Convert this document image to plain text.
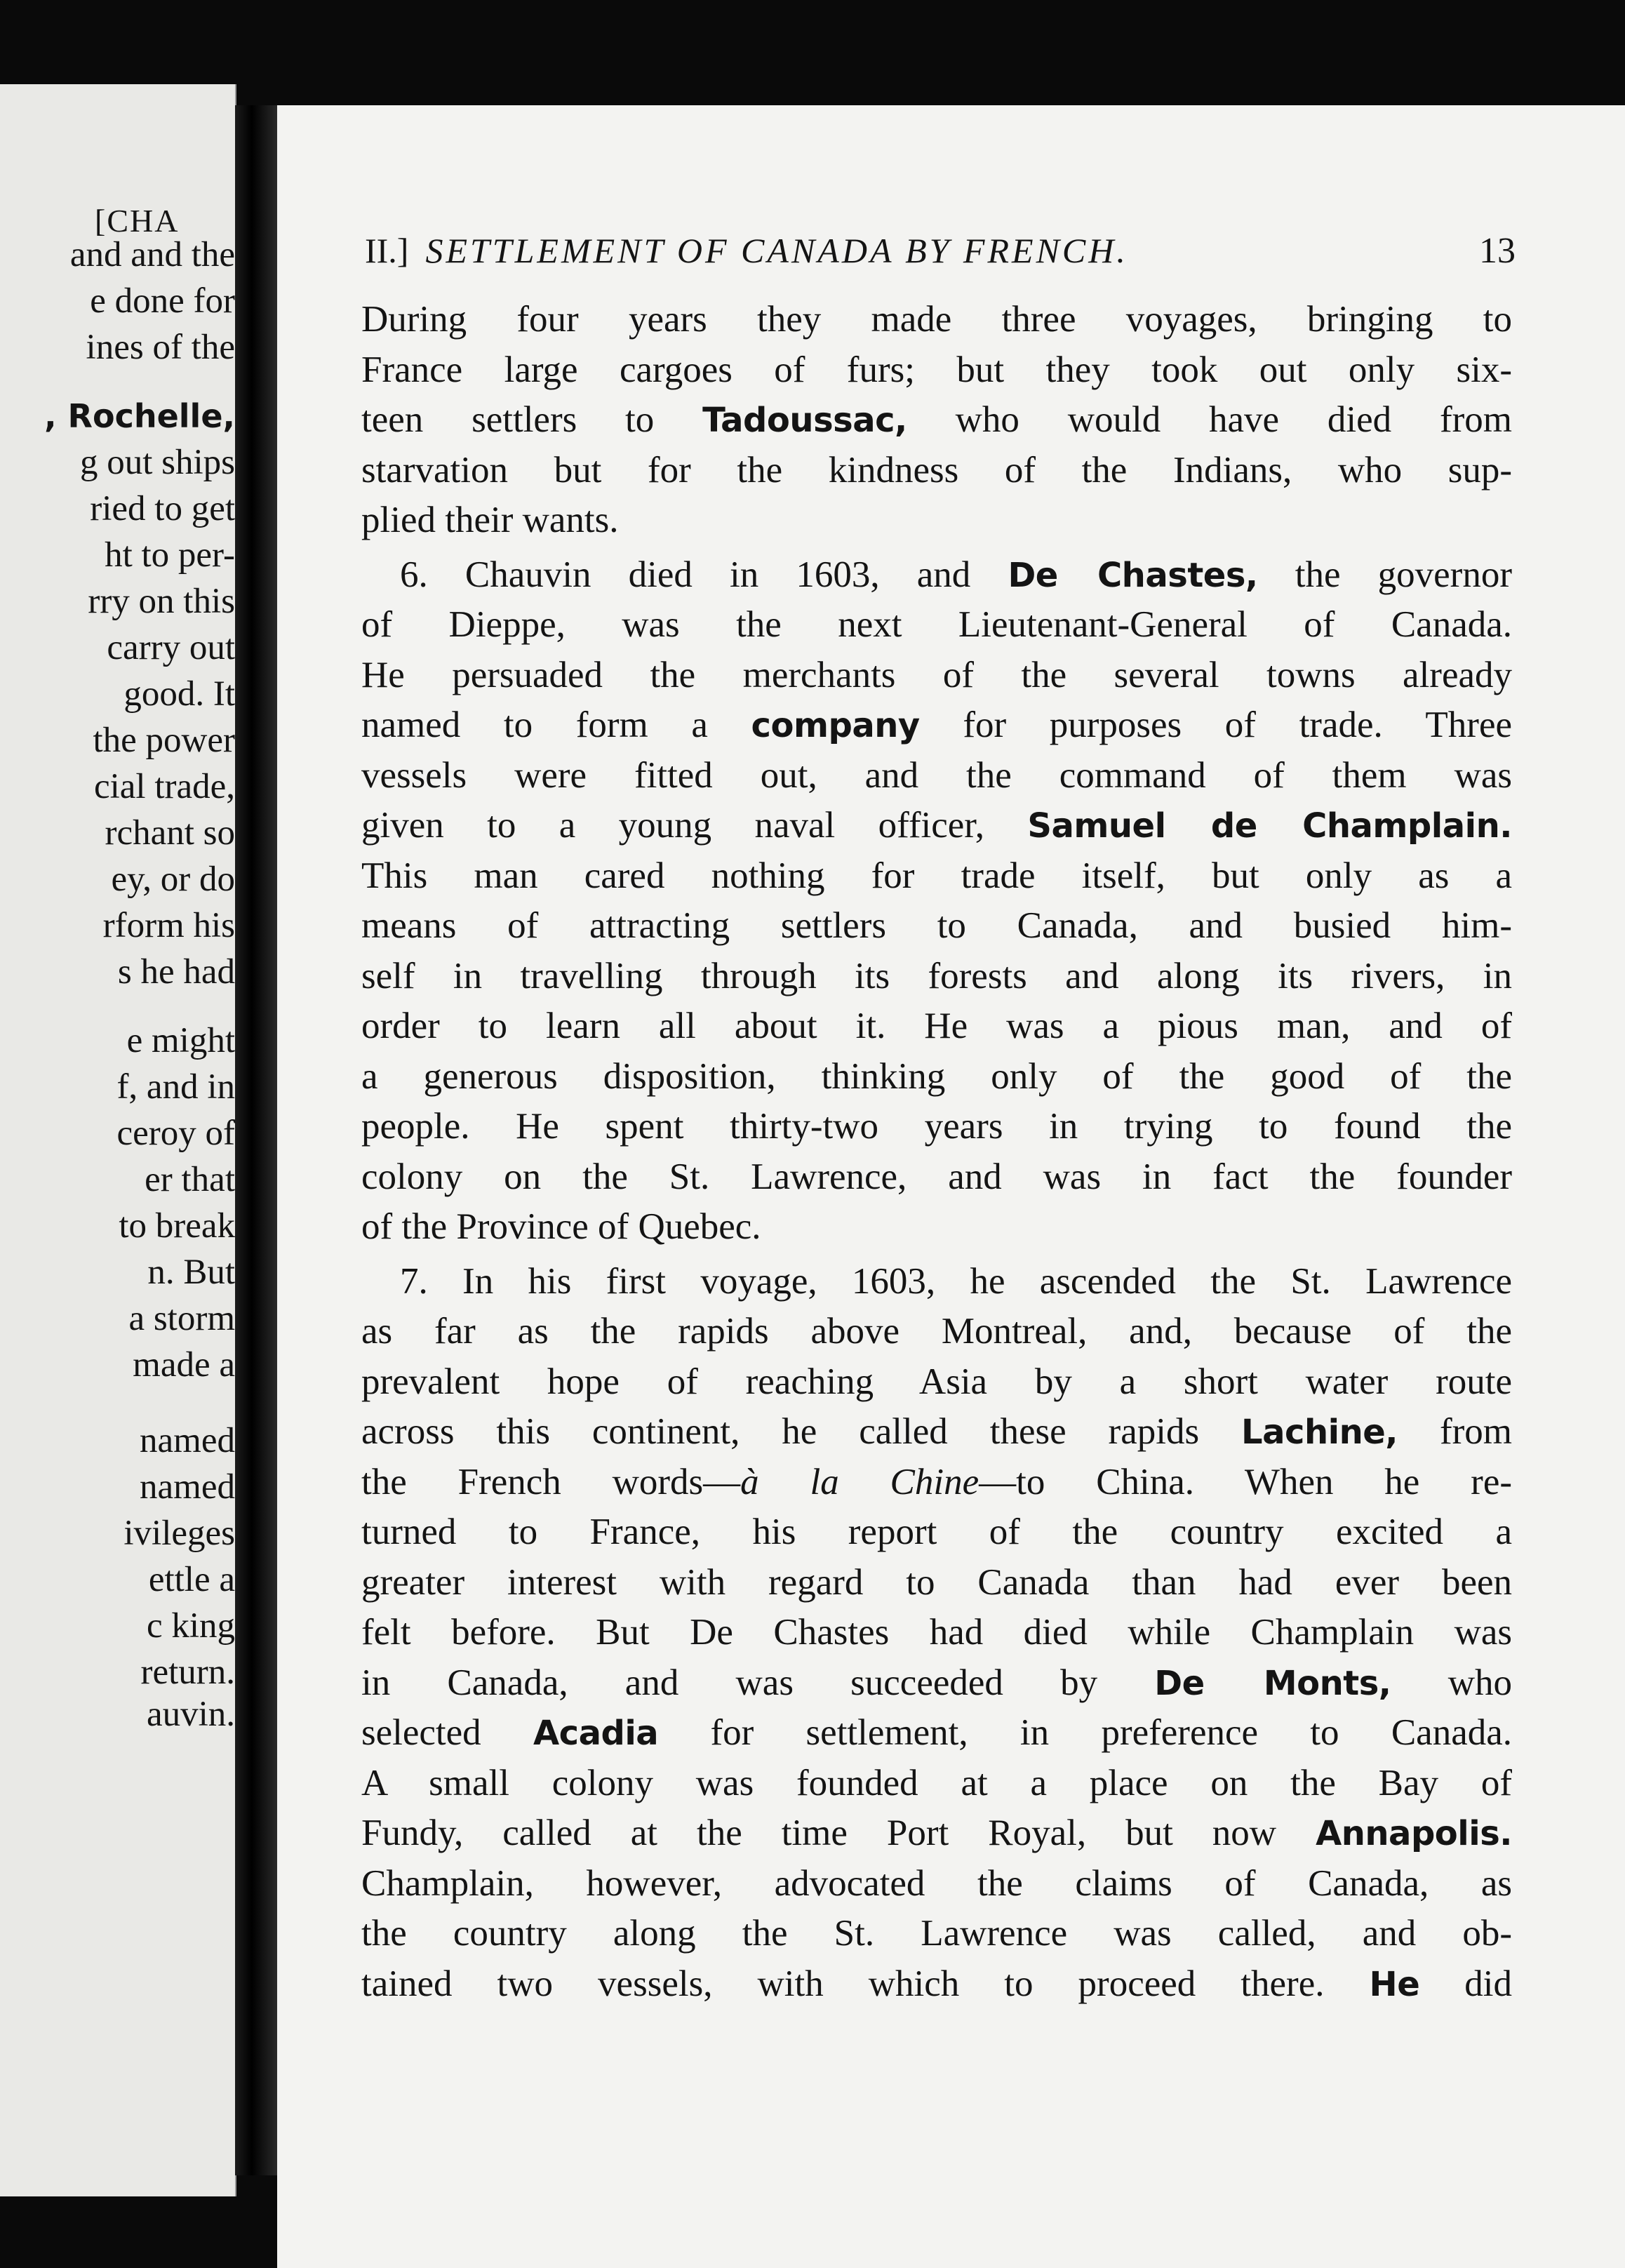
[CHA
and and the
e done for
ines of the
, Rochelle,
g out ships
ried to get
ht to per-
rry on this
carry out
good. It
the power
cial trade,
rchant so
ey, or do
rform his
s he had
e might
f, and in
ceroy of
er that
to break
n. But
a storm
made a
named
named
ivileges
ettle a
c king
return.
auvin.
II.] SETTLEMENT OF CANADA BY FRENCH.	13
During four years they made three voyages, bringing to
France large cargoes of furs; but they took out only six-
teen settlers to Tadoussac, who would have died from
starvation but for the kindness of the Indians, who sup-
plied their wants.
6. Chauvin died in 1603, and De Chastes, the governor
of Dieppe, was the next Lieutenant-General of Canada.
He persuaded the merchants of the several towns already
named to form a company for purposes of trade. Three
vessels were fitted out, and the command of them was
given to a young naval officer, Samuel de Champlain.
This man cared nothing for trade itself, but only as a
means of attracting settlers to Canada, and busied him-
self in travelling through its forests and along its rivers, in
order to learn all about it. He was a pious man, and of
a generous disposition, thinking only of the good of the
people. He spent thirty-two years in trying to found the
colony on the St. Lawrence, and was in fact the founder
of the Province of Quebec.
7. In his first voyage, 1603, he ascended the St. Lawrence
as far as the rapids above Montreal, and, because of the
prevalent hope of reaching Asia by a short water route
across this continent, he called these rapids Lachine, from
the French words—à la Chine—to China. When he re-
turned to France, his report of the country excited a
greater interest with regard to Canada than had ever been
felt before. But De Chastes had died while Champlain was
in Canada, and was succeeded by De Monts, who
selected Acadia for settlement, in preference to Canada.
A small colony was founded at a place on the Bay of
Fundy, called at the time Port Royal, but now Annapolis.
Champlain, however, advocated the claims of Canada, as
the country along the St. Lawrence was called, and ob-
tained two vessels, with which to proceed there. He did
